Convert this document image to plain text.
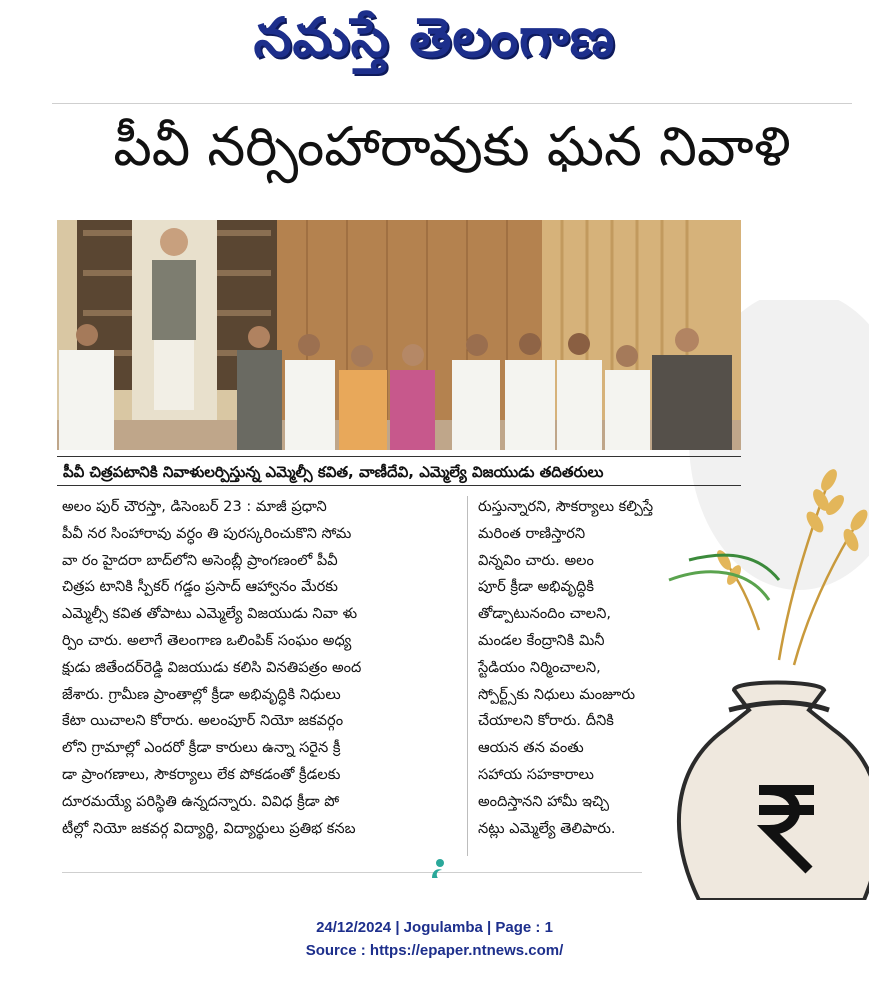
నమస్తే తెలంగాణ
పీవీ నర్సింహారావుకు ఘన నివాళి
పీవీ చిత్రపటానికి నివాళులర్పిస్తున్న ఎమ్మెల్సీ కవిత, వాణీదేవి, ఎమ్మెల్యే విజయుడు తదితరులు

అలం పుర్ చౌరస్తా, డిసెంబర్ 23 : మాజీ ప్రధాని

పీవీ నర సింహారావు వర్ధం తి పురస్కరించుకొని సోమ

వా రం హైదరా బాద్‌లోని అసెంబ్లీ ప్రాంగణంలో పీవీ

చిత్రప టానికి స్పీకర్ గడ్డం ప్రసాద్ ఆహ్వానం మేరకు

ఎమ్మెల్సీ కవిత తోపాటు ఎమ్మెల్యే విజయుడు నివా ళు

ర్పిం చారు. అలాగే తెలంగాణ ఒలింపిక్ సంఘం అధ్య

క్షుడు జితేందర్‌రెడ్డి విజయుడు కలిసి వినతిపత్రం అంద

జేశారు. గ్రామీణ ప్రాంతాల్లో క్రీడా అభివృద్ధికి నిధులు

కేటా యిచాలని కోరారు. అలంపూర్ నియో జకవర్గం

లోని గ్రామాల్లో ఎందరో క్రీడా కారులు ఉన్నా సరైన క్రీ

డా ప్రాంగణాలు, సౌకర్యాలు లేక పోకడంతో క్రీడలకు

దూరమయ్యే పరిస్థితి ఉన్నదన్నారు. వివిధ క్రీడా పో

టీల్లో నియో జకవర్గ విద్యార్థి, విద్యార్థులు ప్రతిభ కనబ

రుస్తున్నారని, సౌకర్యాలు కల్పిస్తే

మరింత రాణిస్తారని

విన్నవిం చారు. అలం

పూర్ క్రీడా అభివృద్ధికి

తోడ్పాటునందిం చాలని,

మండల కేంద్రానికి మినీ

స్టేడియం నిర్మించాలని,

స్పోర్ట్స్‌కు నిధులు మంజూరు

చేయాలని కోరారు. దీనికి

ఆయన తన వంతు

సహాయ సహకారాలు

అందిస్తానని హామీ ఇచ్చి

నట్లు ఎమ్మెల్యే తెలిపారు.

24/12/2024 | Jogulamba | Page : 1
Source : https://epaper.ntnews.com/
